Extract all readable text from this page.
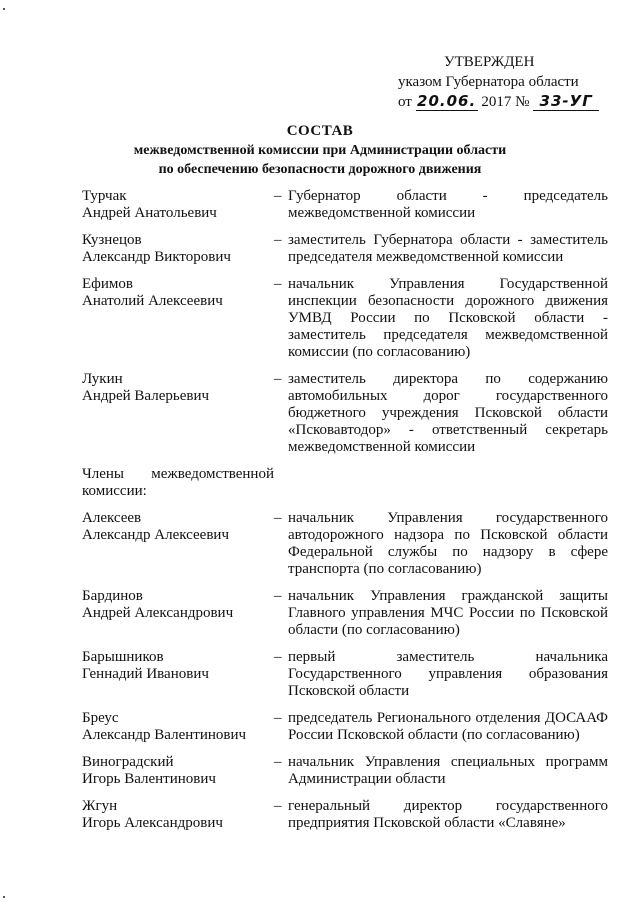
УТВЕРЖДЕН
указом Губернатора области
от 20.06. 2017 № 33-УГ
СОСТАВ
межведомственной комиссии при Администрации области
по обеспечению безопасности дорожного движения
Турчак
Андрей Анатольевич
– Губернатор области - председатель межведомственной комиссии
Кузнецов
Александр Викторович
– заместитель Губернатора области - заместитель председателя межведомственной комиссии
Ефимов
Анатолий Алексеевич
– начальник Управления Государственной инспекции безопасности дорожного движения УМВД России по Псковской области - заместитель председателя межведомственной комиссии (по согласованию)
Лукин
Андрей Валерьевич
– заместитель директора по содержанию автомобильных дорог государственного бюджетного учреждения Псковской области «Псковавтодор» - ответственный секретарь межведомственной комиссии
Члены межведомственной комиссии:
Алексеев
Александр Алексеевич
– начальник Управления государственного автодорожного надзора по Псковской области Федеральной службы по надзору в сфере транспорта (по согласованию)
Бардинов
Андрей Александрович
– начальник Управления гражданской защиты Главного управления МЧС России по Псковской области (по согласованию)
Барышников
Геннадий Иванович
– первый заместитель начальника Государственного управления образования Псковской области
Бреус
Александр Валентинович
– председатель Регионального отделения ДОСААФ России Псковской области (по согласованию)
Виноградский
Игорь Валентинович
– начальник Управления специальных программ Администрации области
Жгун
Игорь Александрович
– генеральный директор государственного предприятия Псковской области «Славяне»
